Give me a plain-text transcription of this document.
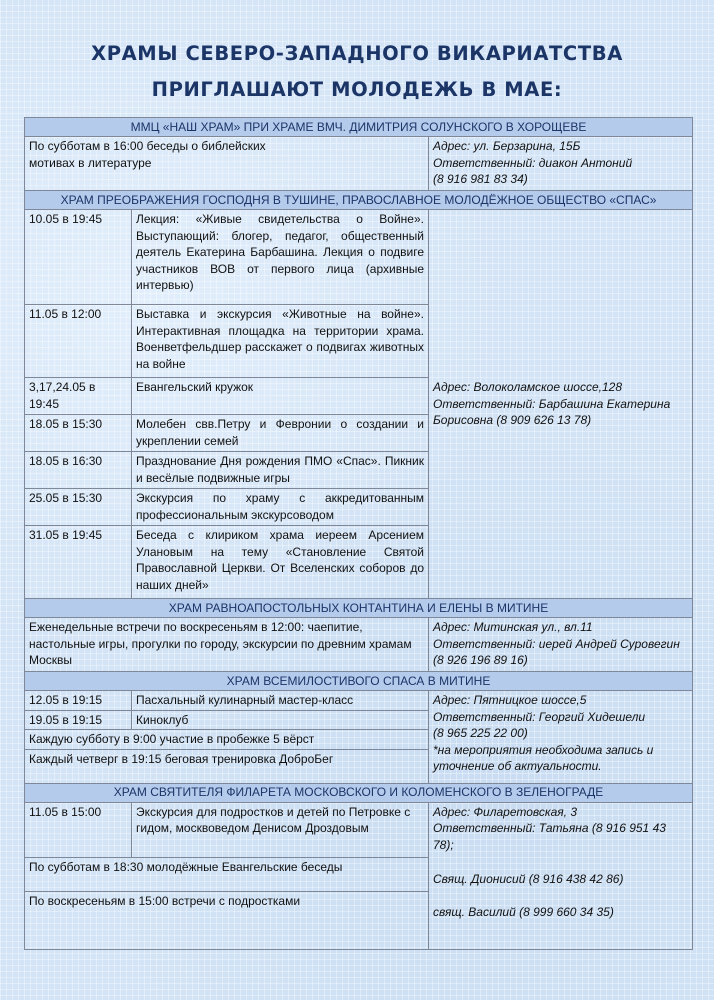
ХРАМЫ СЕВЕРО-ЗАПАДНОГО ВИКАРИАТСТВА
ПРИГЛАШАЮТ МОЛОДЕЖЬ В МАЕ:
ММЦ «НАШ ХРАМ» ПРИ ХРАМЕ ВМЧ. ДИМИТРИЯ СОЛУНСКОГО В ХОРОЩЕВЕ		
По субботам в 16:00 беседы о библейских мотивах в литературе		Адрес: ул. Берзарина, 15Б
Ответственный: диакон Антоний
(8 916 981 83 34)

ХРАМ ПРЕОБРАЖЕНИЯ ГОСПОДНЯ В ТУШИНЕ, ПРАВОСЛАВНОЕ МОЛОДЁЖНОЕ ОБЩЕСТВО «СПАС»		
10.05 в 19:45	Лекция: «Живые свидетельства о Войне». Выступающий: блогер, педагог, общественный деятель Екатерина Барбашина. Лекция о подвиге участников ВОВ от первого лица (архивные интервью)	Адрес: Волоколамское шоссе,128
Ответственный: Барбашина Екатерина Борисовна (8 909 626 13 78)

11.05 в 12:00	Выставка и экскурсия «Животные на войне». Интерактивная площадка на территории храма. Военветфельдшер расскажет о подвигах животных на войне	
3,17,24.05 в 19:45	Евангельский кружок	
18.05 в 15:30	Молебен свв.Петру и Февронии о создании и укреплении семей	
18.05 в 16:30	Празднование Дня рождения ПМО «Спас». Пикник и весёлые подвижные игры	
25.05 в 15:30	Экскурсия по храму с аккредитованным профессиональным экскурсоводом	
31.05 в 19:45	Беседа с клириком храма иереем Арсением Улановым на тему «Становление Святой Православной Церкви. От Вселенских соборов до наших дней»	
ХРАМ РАВНОАПОСТОЛЬНЫХ КОНТАНТИНА И ЕЛЕНЫ В МИТИНЕ		
Еженедельные встречи по воскресеньям в 12:00: чаепитие, настольные игры, прогулки по городу, экскурсии по древним храмам Москвы		Адрес: Митинская ул., вл.11
Ответственный: иерей Андрей Суровегин
(8 926 196 89 16)

ХРАМ ВСЕМИЛОСТИВОГО СПАСА В МИТИНЕ		
12.05 в 19:15	Пасхальный кулинарный мастер-класс	Адрес: Пятницкое шоссе,5
Ответственный: Георгий Хидешели
(8 965 225 22 00)
*на мероприятия необходима запись и уточнение об актуальности.

19.05 в 19:15	Киноклуб	
Каждую субботу в 9:00 участие в пробежке 5 вёрст		
Каждый четверг в 19:15 беговая тренировка ДоброБег		
ХРАМ СВЯТИТЕЛЯ ФИЛАРЕТА МОСКОВСКОГО И КОЛОМЕНСКОГО В ЗЕЛЕНОГРАДЕ		
11.05 в 15:00	Экскурсия для подростков и детей по Петровке с гидом, москвоведом Денисом Дроздовым	Адрес: Филаретовская, 3
Ответственный: Татьяна (8 916 951 43 78);
Свящ. Дионисий (8 916 438 42 86)
свящ. Василий (8 999 660 34 35)

По субботам в 18:30 молодёжные Евангельские беседы		
По воскресеньям в 15:00 встречи с подростками		
